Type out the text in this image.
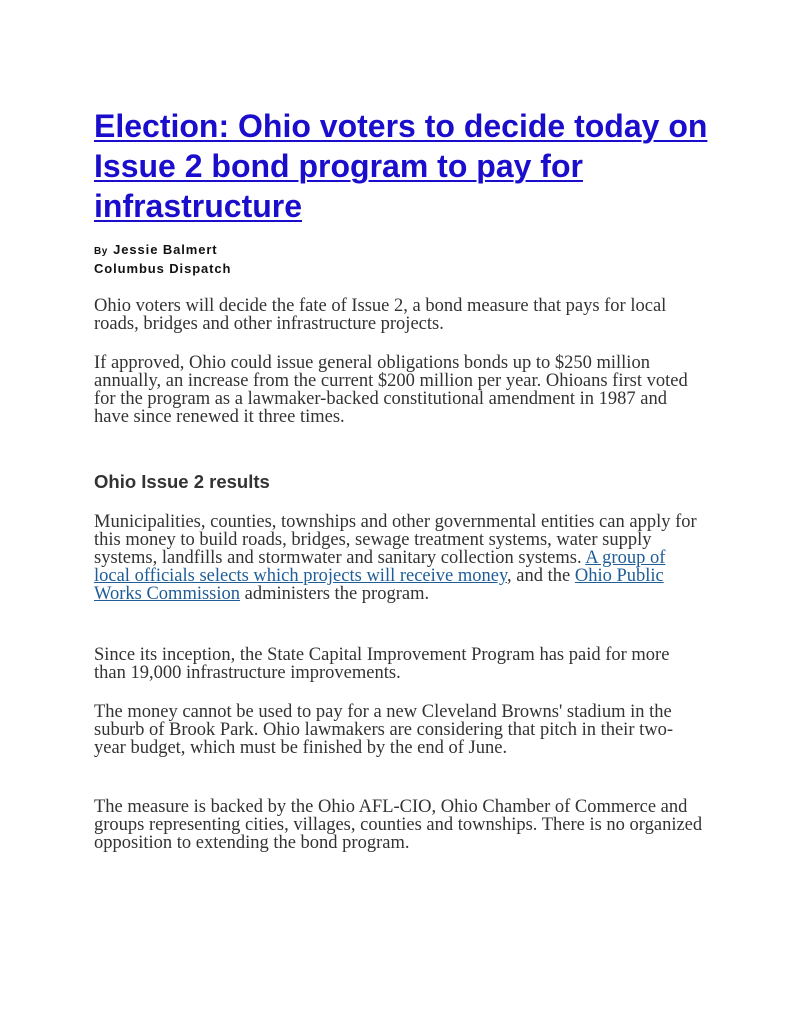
Election: Ohio voters to decide today on Issue 2 bond program to pay for infrastructure
By Jessie Balmert
Columbus Dispatch

Ohio voters will decide the fate of Issue 2, a bond measure that pays for local roads, bridges and other infrastructure projects.

If approved, Ohio could issue general obligations bonds up to $250 million annually, an increase from the current $200 million per year. Ohioans first voted for the program as a lawmaker-backed constitutional amendment in 1987 and have since renewed it three times.

Ohio Issue 2 results

Municipalities, counties, townships and other governmental entities can apply for this money to build roads, bridges, sewage treatment systems, water supply systems, landfills and stormwater and sanitary collection systems. A group of local officials selects which projects will receive money, and the Ohio Public Works Commission administers the program.

Since its inception, the State Capital Improvement Program has paid for more than 19,000 infrastructure improvements.

The money cannot be used to pay for a new Cleveland Browns' stadium in the suburb of Brook Park. Ohio lawmakers are considering that pitch in their two-year budget, which must be finished by the end of June.

The measure is backed by the Ohio AFL-CIO, Ohio Chamber of Commerce and groups representing cities, villages, counties and townships. There is no organized opposition to extending the bond program.
